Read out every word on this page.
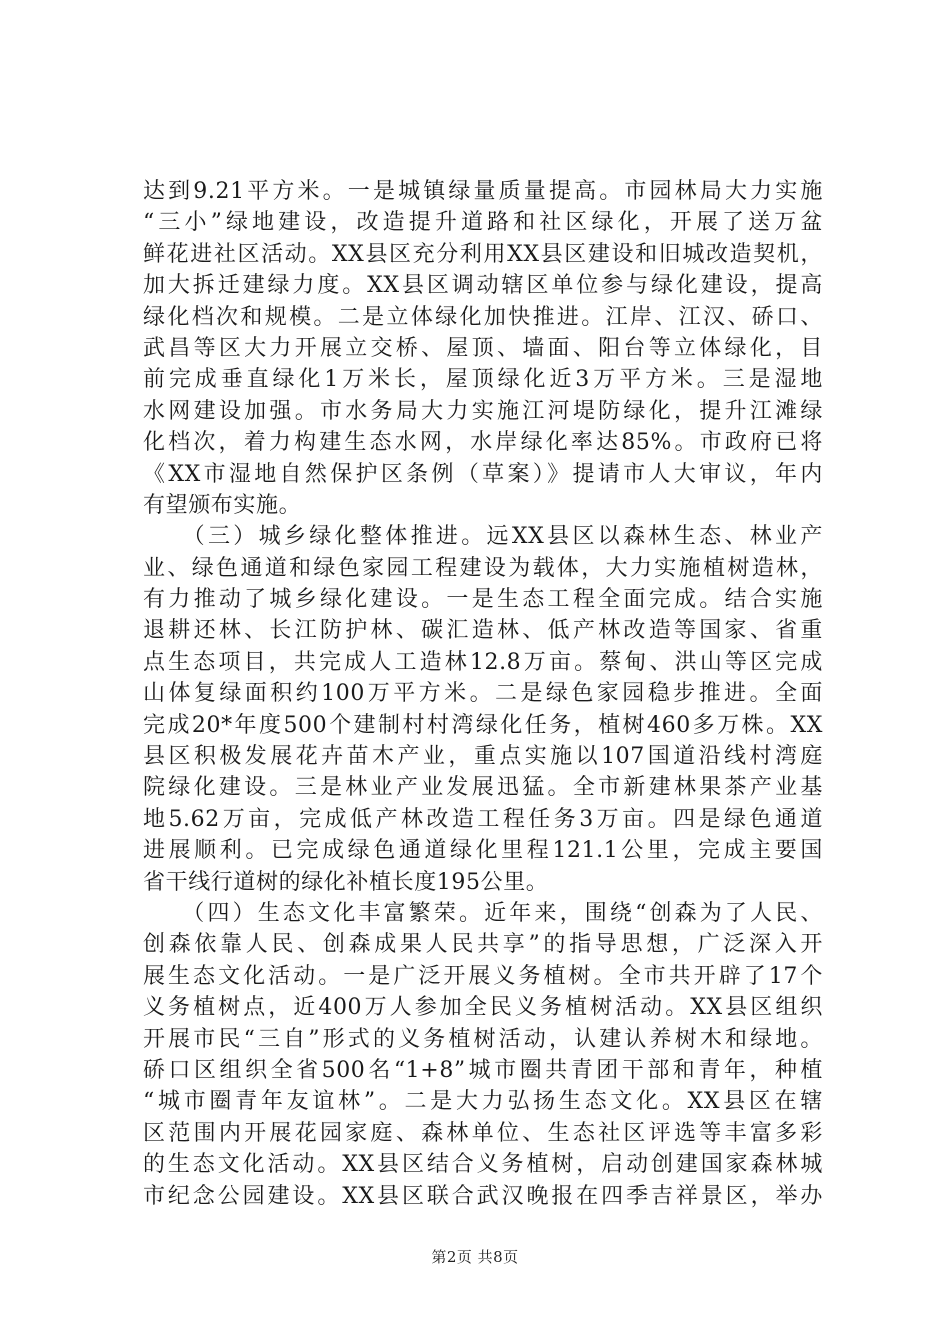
达到9.21平方米。一是城镇绿量质量提高。市园林局大力实施
“三小”绿地建设，改造提升道路和社区绿化，开展了送万盆
鲜花进社区活动。XX县区充分利用XX县区建设和旧城改造契机，
加大拆迁建绿力度。XX县区调动辖区单位参与绿化建设，提高
绿化档次和规模。二是立体绿化加快推进。江岸、江汉、硚口、
武昌等区大力开展立交桥、屋顶、墙面、阳台等立体绿化，目
前完成垂直绿化1万米长，屋顶绿化近3万平方米。三是湿地
水网建设加强。市水务局大力实施江河堤防绿化，提升江滩绿
化档次，着力构建生态水网，水岸绿化率达85%。市政府已将
《XX市湿地自然保护区条例（草案）》提请市人大审议，年内
有望颁布实施。
　　（三）城乡绿化整体推进。远XX县区以森林生态、林业产
业、绿色通道和绿色家园工程建设为载体，大力实施植树造林，
有力推动了城乡绿化建设。一是生态工程全面完成。结合实施
退耕还林、长江防护林、碳汇造林、低产林改造等国家、省重
点生态项目，共完成人工造林12.8万亩。蔡甸、洪山等区完成
山体复绿面积约100万平方米。二是绿色家园稳步推进。全面
完成20*年度500个建制村村湾绿化任务，植树460多万株。XX
县区积极发展花卉苗木产业，重点实施以107国道沿线村湾庭
院绿化建设。三是林业产业发展迅猛。全市新建林果茶产业基
地5.62万亩，完成低产林改造工程任务3万亩。四是绿色通道
进展顺利。已完成绿色通道绿化里程121.1公里，完成主要国
省干线行道树的绿化补植长度195公里。
　　（四）生态文化丰富繁荣。近年来，围绕“创森为了人民、
创森依靠人民、创森成果人民共享”的指导思想，广泛深入开
展生态文化活动。一是广泛开展义务植树。全市共开辟了17个
义务植树点，近400万人参加全民义务植树活动。XX县区组织
开展市民“三自”形式的义务植树活动，认建认养树木和绿地。
硚口区组织全省500名“1+8”城市圈共青团干部和青年，种植
“城市圈青年友谊林”。二是大力弘扬生态文化。XX县区在辖
区范围内开展花园家庭、森林单位、生态社区评选等丰富多彩
的生态文化活动。XX县区结合义务植树，启动创建国家森林城
市纪念公园建设。XX县区联合武汉晚报在四季吉祥景区，举办
第2页 共8页
